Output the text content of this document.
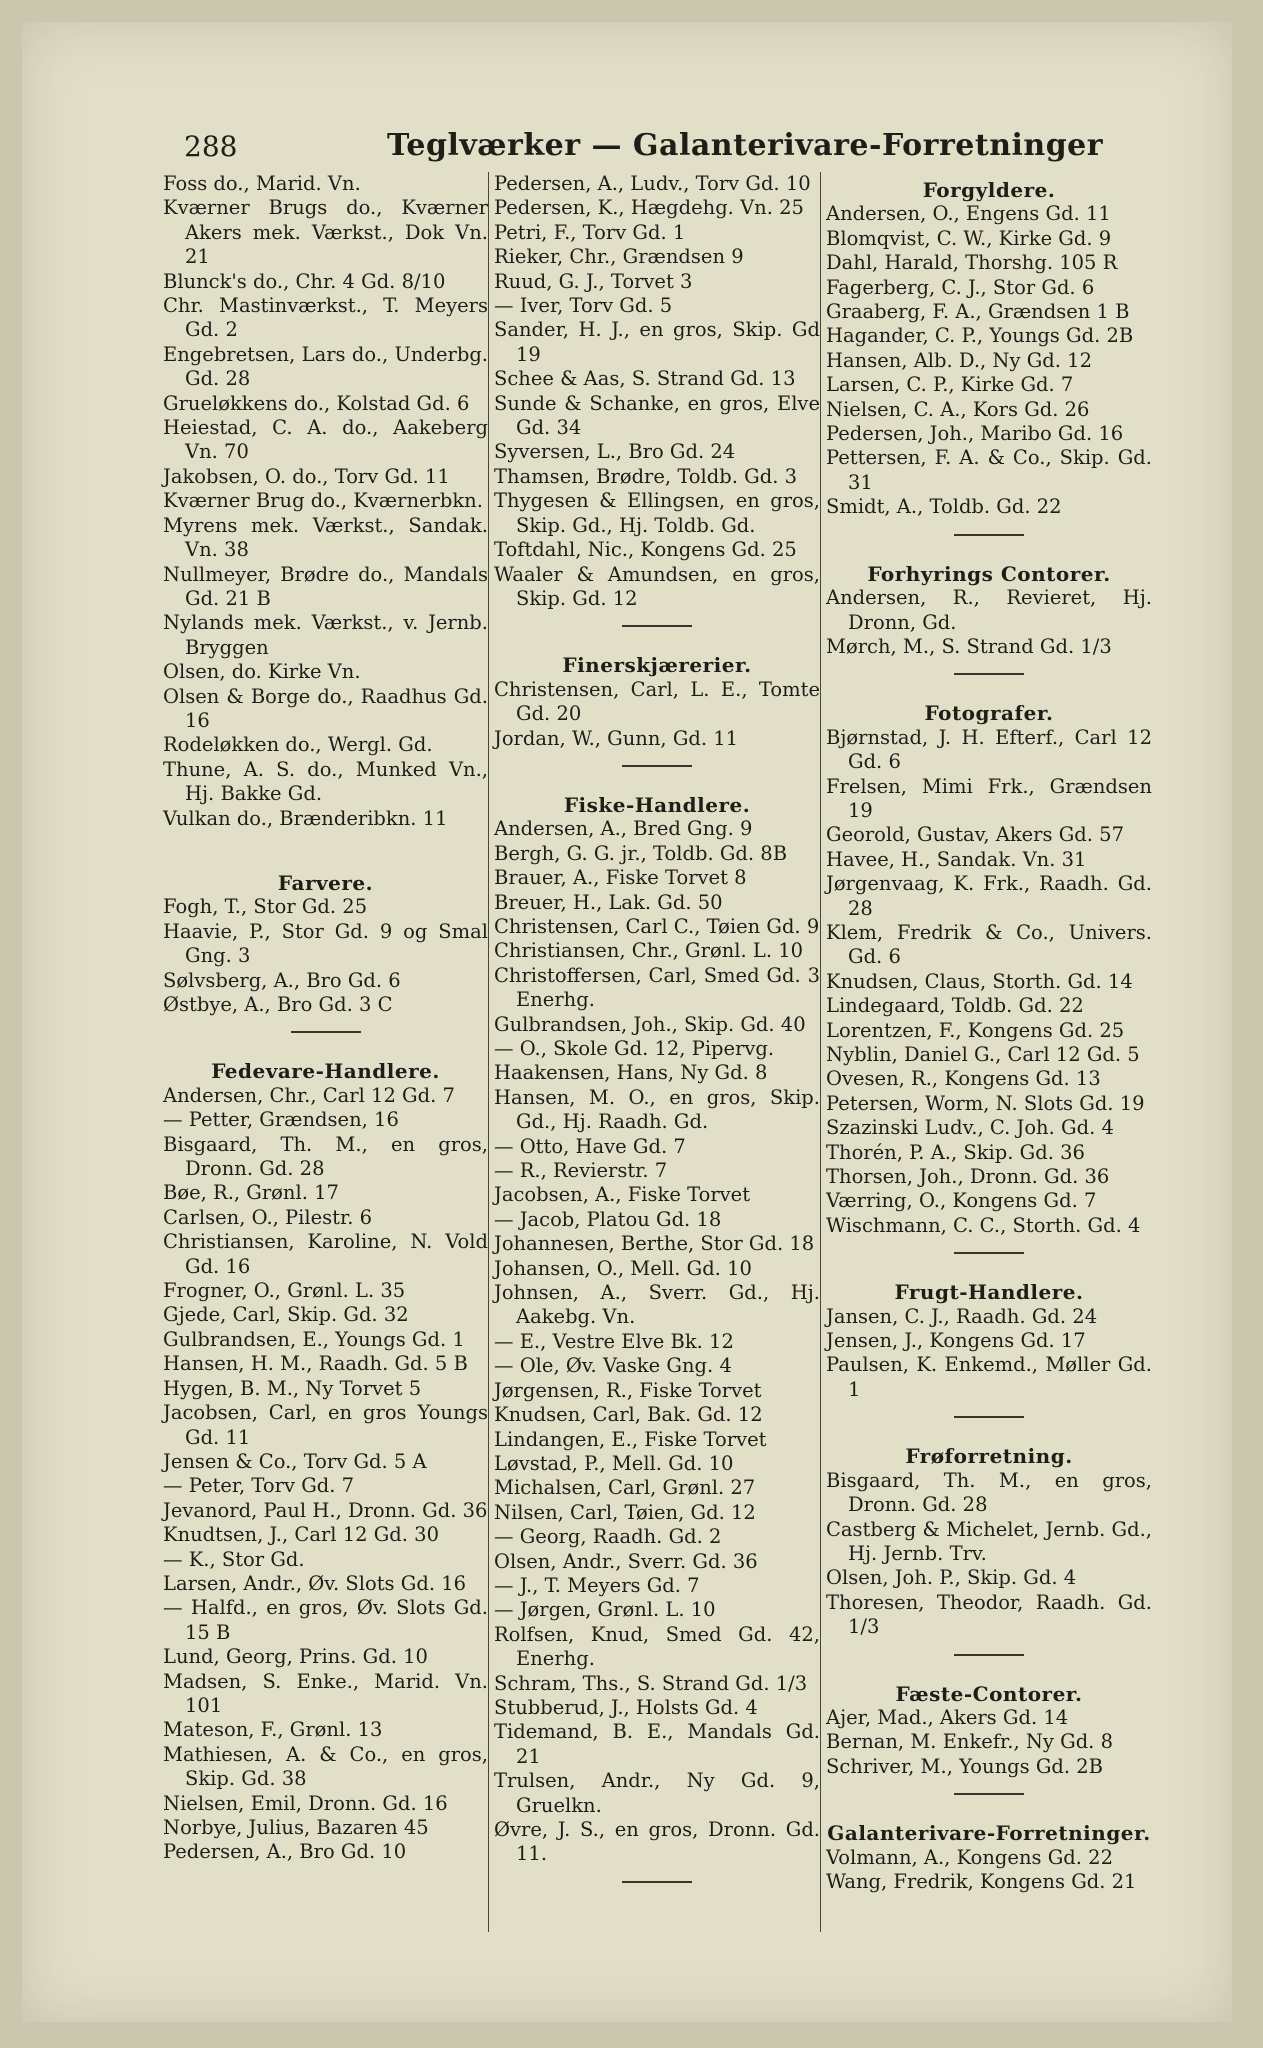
288	Teglværker — Galanterivare-Forretninger
Foss do., Marid. Vn.
Kværner Brugs do., Kværner Akers mek. Værkst., Dok Vn. 21
Blunck's do., Chr. 4 Gd. 8/10
Chr. Mastinværkst., T. Meyers Gd. 2
Engebretsen, Lars do., Underbg. Gd. 28
Grueløkkens do., Kolstad Gd. 6
Heiestad, C. A. do., Aakeberg Vn. 70
Jakobsen, O. do., Torv Gd. 11
Kværner Brug do., Kværnerbkn.
Myrens mek. Værkst., Sandak. Vn. 38
Nullmeyer, Brødre do., Mandals Gd. 21 B
Nylands mek. Værkst., v. Jernb. Bryggen
Olsen, do. Kirke Vn.
Olsen & Borge do., Raadhus Gd. 16
Rodeløkken do., Wergl. Gd.
Thune, A. S. do., Munked Vn., Hj. Bakke Gd.
Vulkan do., Brænderibkn. 11
Farvere.
Fogh, T., Stor Gd. 25
Haavie, P., Stor Gd. 9 og Smal Gng. 3
Sølvsberg, A., Bro Gd. 6
Østbye, A., Bro Gd. 3 C
Fedevare-Handlere.
Andersen, Chr., Carl 12 Gd. 7
— Petter, Grændsen, 16
Bisgaard, Th. M., en gros, Dronn. Gd. 28
Bøe, R., Grønl. 17
Carlsen, O., Pilestr. 6
Christiansen, Karoline, N. Vold Gd. 16
Frogner, O., Grønl. L. 35
Gjede, Carl, Skip. Gd. 32
Gulbrandsen, E., Youngs Gd. 1
Hansen, H. M., Raadh. Gd. 5 B
Hygen, B. M., Ny Torvet 5
Jacobsen, Carl, en gros Youngs Gd. 11
Jensen & Co., Torv Gd. 5 A
— Peter, Torv Gd. 7
Jevanord, Paul H., Dronn. Gd. 36
Knudtsen, J., Carl 12 Gd. 30
— K., Stor Gd.
Larsen, Andr., Øv. Slots Gd. 16
— Halfd., en gros, Øv. Slots Gd. 15 B
Lund, Georg, Prins. Gd. 10
Madsen, S. Enke., Marid. Vn. 101
Mateson, F., Grønl. 13
Mathiesen, A. & Co., en gros, Skip. Gd. 38
Nielsen, Emil, Dronn. Gd. 16
Norbye, Julius, Bazaren 45
Pedersen, A., Bro Gd. 10
Pedersen, A., Ludv., Torv Gd. 10
Pedersen, K., Hægdehg. Vn. 25
Petri, F., Torv Gd. 1
Rieker, Chr., Grændsen 9
Ruud, G. J., Torvet 3
— Iver, Torv Gd. 5
Sander, H. J., en gros, Skip. Gd 19
Schee & Aas, S. Strand Gd. 13
Sunde & Schanke, en gros, Elve Gd. 34
Syversen, L., Bro Gd. 24
Thamsen, Brødre, Toldb. Gd. 3
Thygesen & Ellingsen, en gros, Skip. Gd., Hj. Toldb. Gd.
Toftdahl, Nic., Kongens Gd. 25
Waaler & Amundsen, en gros, Skip. Gd. 12
Finerskjærerier.
Christensen, Carl, L. E., Tomte Gd. 20
Jordan, W., Gunn, Gd. 11
Fiske-Handlere.
Andersen, A., Bred Gng. 9
Bergh, G. G. jr., Toldb. Gd. 8B
Brauer, A., Fiske Torvet 8
Breuer, H., Lak. Gd. 50
Christensen, Carl C., Tøien Gd. 9
Christiansen, Chr., Grønl. L. 10
Christoffersen, Carl, Smed Gd. 3 Enerhg.
Gulbrandsen, Joh., Skip. Gd. 40
— O., Skole Gd. 12, Pipervg.
Haakensen, Hans, Ny Gd. 8
Hansen, M. O., en gros, Skip. Gd., Hj. Raadh. Gd.
— Otto, Have Gd. 7
— R., Revierstr. 7
Jacobsen, A., Fiske Torvet
— Jacob, Platou Gd. 18
Johannesen, Berthe, Stor Gd. 18
Johansen, O., Mell. Gd. 10
Johnsen, A., Sverr. Gd., Hj. Aakebg. Vn.
— E., Vestre Elve Bk. 12
— Ole, Øv. Vaske Gng. 4
Jørgensen, R., Fiske Torvet
Knudsen, Carl, Bak. Gd. 12
Lindangen, E., Fiske Torvet
Løvstad, P., Mell. Gd. 10
Michalsen, Carl, Grønl. 27
Nilsen, Carl, Tøien, Gd. 12
— Georg, Raadh. Gd. 2
Olsen, Andr., Sverr. Gd. 36
— J., T. Meyers Gd. 7
— Jørgen, Grønl. L. 10
Rolfsen, Knud, Smed Gd. 42, Enerhg.
Schram, Ths., S. Strand Gd. 1/3
Stubberud, J., Holsts Gd. 4
Tidemand, B. E., Mandals Gd. 21
Trulsen, Andr., Ny Gd. 9, Gruelkn.
Øvre, J. S., en gros, Dronn. Gd. 11.
Forgyldere.
Andersen, O., Engens Gd. 11
Blomqvist, C. W., Kirke Gd. 9
Dahl, Harald, Thorshg. 105 R
Fagerberg, C. J., Stor Gd. 6
Graaberg, F. A., Grændsen 1 B
Hagander, C. P., Youngs Gd. 2B
Hansen, Alb. D., Ny Gd. 12
Larsen, C. P., Kirke Gd. 7
Nielsen, C. A., Kors Gd. 26
Pedersen, Joh., Maribo Gd. 16
Pettersen, F. A. & Co., Skip. Gd. 31
Smidt, A., Toldb. Gd. 22
Forhyrings Contorer.
Andersen, R., Revieret, Hj. Dronn, Gd.
Mørch, M., S. Strand Gd. 1/3
Fotografer.
Bjørnstad, J. H. Efterf., Carl 12 Gd. 6
Frelsen, Mimi Frk., Grændsen 19
Georold, Gustav, Akers Gd. 57
Havee, H., Sandak. Vn. 31
Jørgenvaag, K. Frk., Raadh. Gd. 28
Klem, Fredrik & Co., Univers. Gd. 6
Knudsen, Claus, Storth. Gd. 14
Lindegaard, Toldb. Gd. 22
Lorentzen, F., Kongens Gd. 25
Nyblin, Daniel G., Carl 12 Gd. 5
Ovesen, R., Kongens Gd. 13
Petersen, Worm, N. Slots Gd. 19
Szazinski Ludv., C. Joh. Gd. 4
Thorén, P. A., Skip. Gd. 36
Thorsen, Joh., Dronn. Gd. 36
Værring, O., Kongens Gd. 7
Wischmann, C. C., Storth. Gd. 4
Frugt-Handlere.
Jansen, C. J., Raadh. Gd. 24
Jensen, J., Kongens Gd. 17
Paulsen, K. Enkemd., Møller Gd. 1
Frøforretning.
Bisgaard, Th. M., en gros, Dronn. Gd. 28
Castberg & Michelet, Jernb. Gd., Hj. Jernb. Trv.
Olsen, Joh. P., Skip. Gd. 4
Thoresen, Theodor, Raadh. Gd. 1/3
Fæste-Contorer.
Ajer, Mad., Akers Gd. 14
Bernan, M. Enkefr., Ny Gd. 8
Schriver, M., Youngs Gd. 2B
Galanterivare-Forretninger.
Volmann, A., Kongens Gd. 22
Wang, Fredrik, Kongens Gd. 21
